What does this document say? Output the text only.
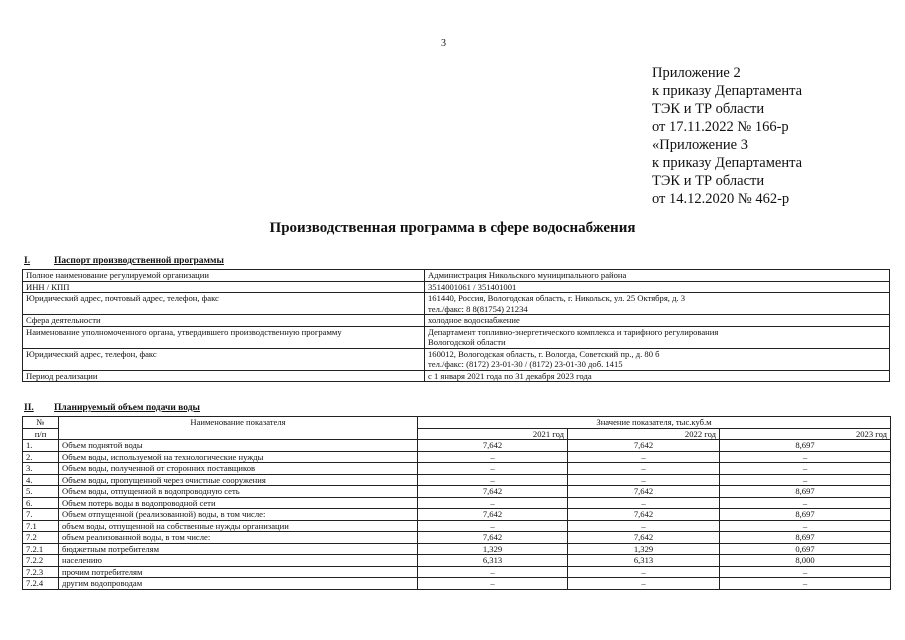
3
Приложение 2
к приказу Департамента
ТЭК и ТР области
от 17.11.2022 № 166-р
«Приложение 3
к приказу Департамента
ТЭК и ТР области
от 14.12.2020 № 462-р
Производственная программа в сфере водоснабжения
I.	Паспорт производственной программы
Полное наименование регулируемой организации	Администрация Никольского муниципального района

ИНН / КПП	3514001061 / 351401001

Юридический адрес, почтовый адрес, телефон, факс	161440, Россия, Вологодская область, г. Никольск, ул. 25 Октября, д. 3
тел./факс: 8 8(81754) 21234

Сфера деятельности	холодное водоснабжение

Наименование уполномоченного органа, утвердившего производственную программу	Департамент топливно-энергетического комплекса и тарифного регулирования
Вологодской области

Юридический адрес, телефон, факс	160012, Вологодская область, г. Вологда, Советский пр., д. 80 б
тел./факс: (8172) 23-01-30 / (8172) 23-01-30 доб. 1415

Период реализации	с 1 января 2021 года по 31 декабря 2023 года
II. Планируемый объем подачи воды
№	Наименование показателя	Значение показателя, тыс.куб.м		
п/п		2021 год	2022 год	2023 год
1.	Объем поднятой воды	7,642	7,642	8,697
2.	Объем воды, используемой на технологические нужды	–	–	–
3.	Объем воды, полученной от сторонних поставщиков	–	–	–
4.	Объем воды, пропущенной через очистные сооружения	–	–	–
5.	Объем воды, отпущенной в водопроводную сеть	7,642	7,642	8,697
6.	Объем потерь воды в водопроводной сети	–	–	–
7.	Объем отпущенной (реализованной) воды, в том числе:	7,642	7,642	8,697
7.1	объем воды, отпущенной на собственные нужды организации	–	–	–
7.2	объем реализованной воды, в том числе:	7,642	7,642	8,697
7.2.1	бюджетным потребителям	1,329	1,329	0,697
7.2.2	населению	6,313	6,313	8,000
7.2.3	прочим потребителям	–	–	–
7.2.4	другим водопроводам	–	–	–
